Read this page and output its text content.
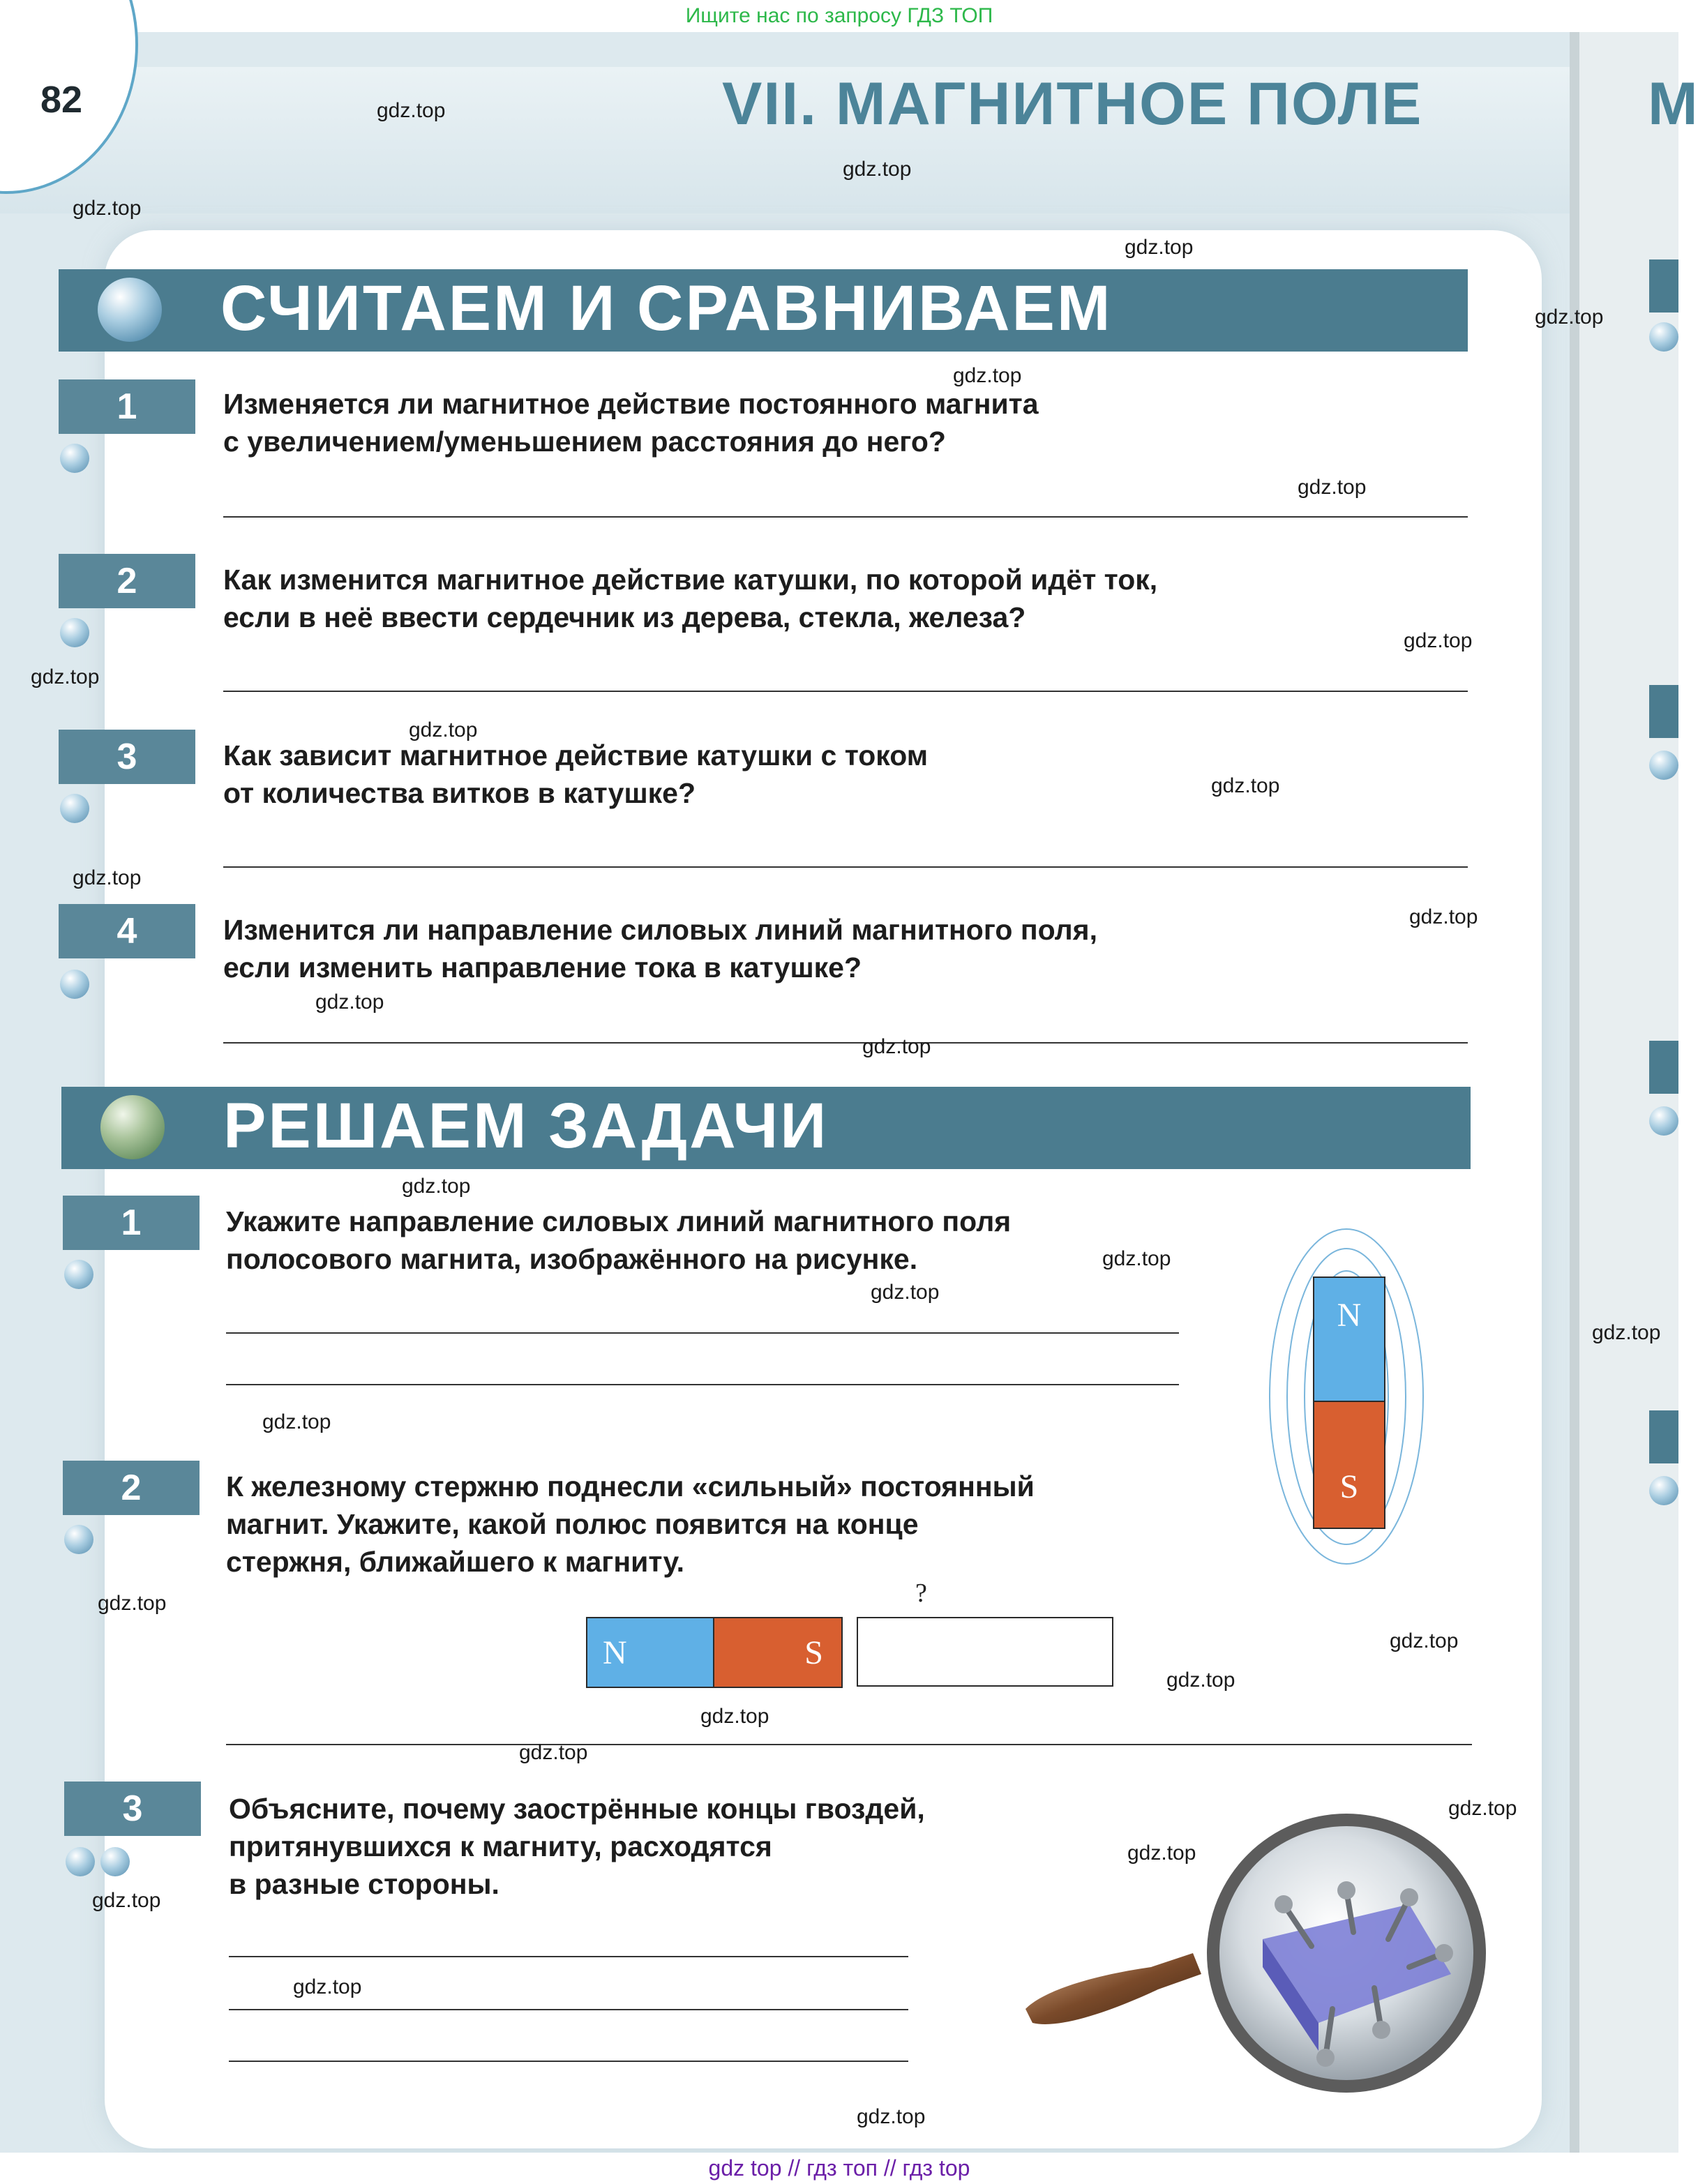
Ищите нас по запросу ГДЗ ТОП
82	VII. МАГНИТНОЕ ПОЛЕ	М
СЧИТАЕМ И СРАВНИВАЕМ
1	Изменяется ли магнитное действие постоянного магнита
с увеличением/уменьшением расстояния до него?
2	Как изменится магнитное действие катушки, по которой идёт ток,
если в неё ввести сердечник из дерева, стекла, железа?
3	Как зависит магнитное действие катушки с током
от количества витков в катушке?
4	Изменится ли направление силовых линий магнитного поля,
если изменить направление тока в катушке?
РЕШАЕМ ЗАДАЧИ
1	Укажите направление силовых линий магнитного поля
полосового магнита, изображённого на рисунке.
N
S
2	К железному стержню поднесли «сильный» постоянный
магнит. Укажите, какой полюс появится на конце
стержня, ближайшего к магниту.
?
N	S
3	Объясните, почему заострённые концы гвоздей,
притянувшихся к магниту, расходятся
в разные стороны.
gdz.top
gdz.top
gdz.top
gdz.top
gdz.top
gdz.top
gdz.top
gdz.top
gdz.top
gdz.top
gdz.top
gdz.top
gdz.top
gdz.top
gdz.top
gdz.top
gdz.top
gdz.top
gdz.top
gdz.top
gdz.top
gdz.top
gdz.top
gdz.top
gdz.top
gdz.top
gdz.top
gdz.top
gdz.top
gdz.top
gdz top // гдз топ // гдз top
